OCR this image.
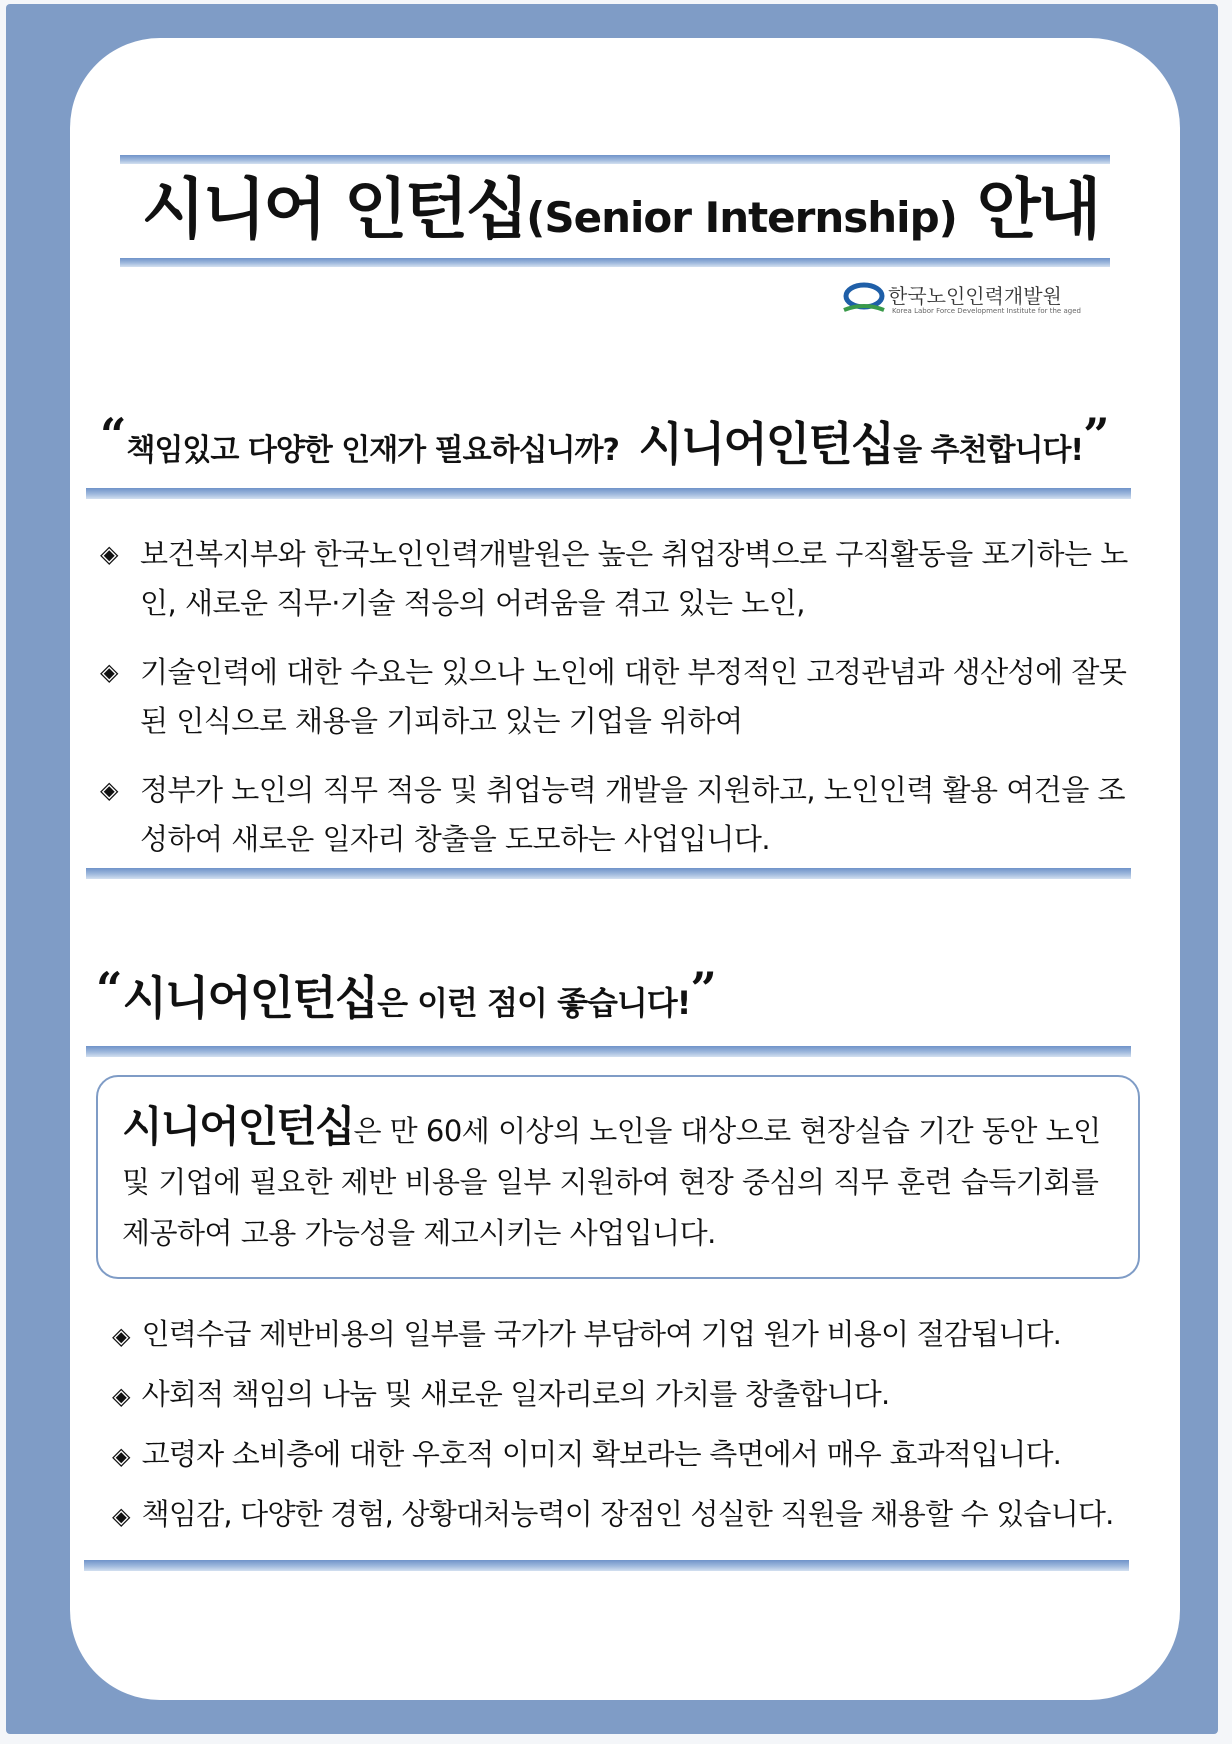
시니어 인턴십(Senior Internship) 안내
한국노인인력개발원
Korea Labor Force Development Institute for the aged
“책임있고 다양한 인재가 필요하십니까? 시니어인턴십을 추천합니다!”
◈ 보건복지부와 한국노인인력개발원은 높은 취업장벽으로 구직활동을 포기하는 노인, 새로운 직무·기술 적응의 어려움을 겪고 있는 노인,
◈ 기술인력에 대한 수요는 있으나 노인에 대한 부정적인 고정관념과 생산성에 잘못된 인식으로 채용을 기피하고 있는 기업을 위하여
◈ 정부가 노인의 직무 적응 및 취업능력 개발을 지원하고, 노인인력 활용 여건을 조성하여 새로운 일자리 창출을 도모하는 사업입니다.
“시니어인턴십은 이런 점이 좋습니다!”
시니어인턴십은 만 60세 이상의 노인을 대상으로 현장실습 기간 동안 노인 및 기업에 필요한 제반 비용을 일부 지원하여 현장 중심의 직무 훈련 습득기회를 제공하여 고용 가능성을 제고시키는 사업입니다.
◈ 인력수급 제반비용의 일부를 국가가 부담하여 기업 원가 비용이 절감됩니다.
◈ 사회적 책임의 나눔 및 새로운 일자리로의 가치를 창출합니다.
◈ 고령자 소비층에 대한 우호적 이미지 확보라는 측면에서 매우 효과적입니다.
◈ 책임감, 다양한 경험, 상황대처능력이 장점인 성실한 직원을 채용할 수 있습니다.
